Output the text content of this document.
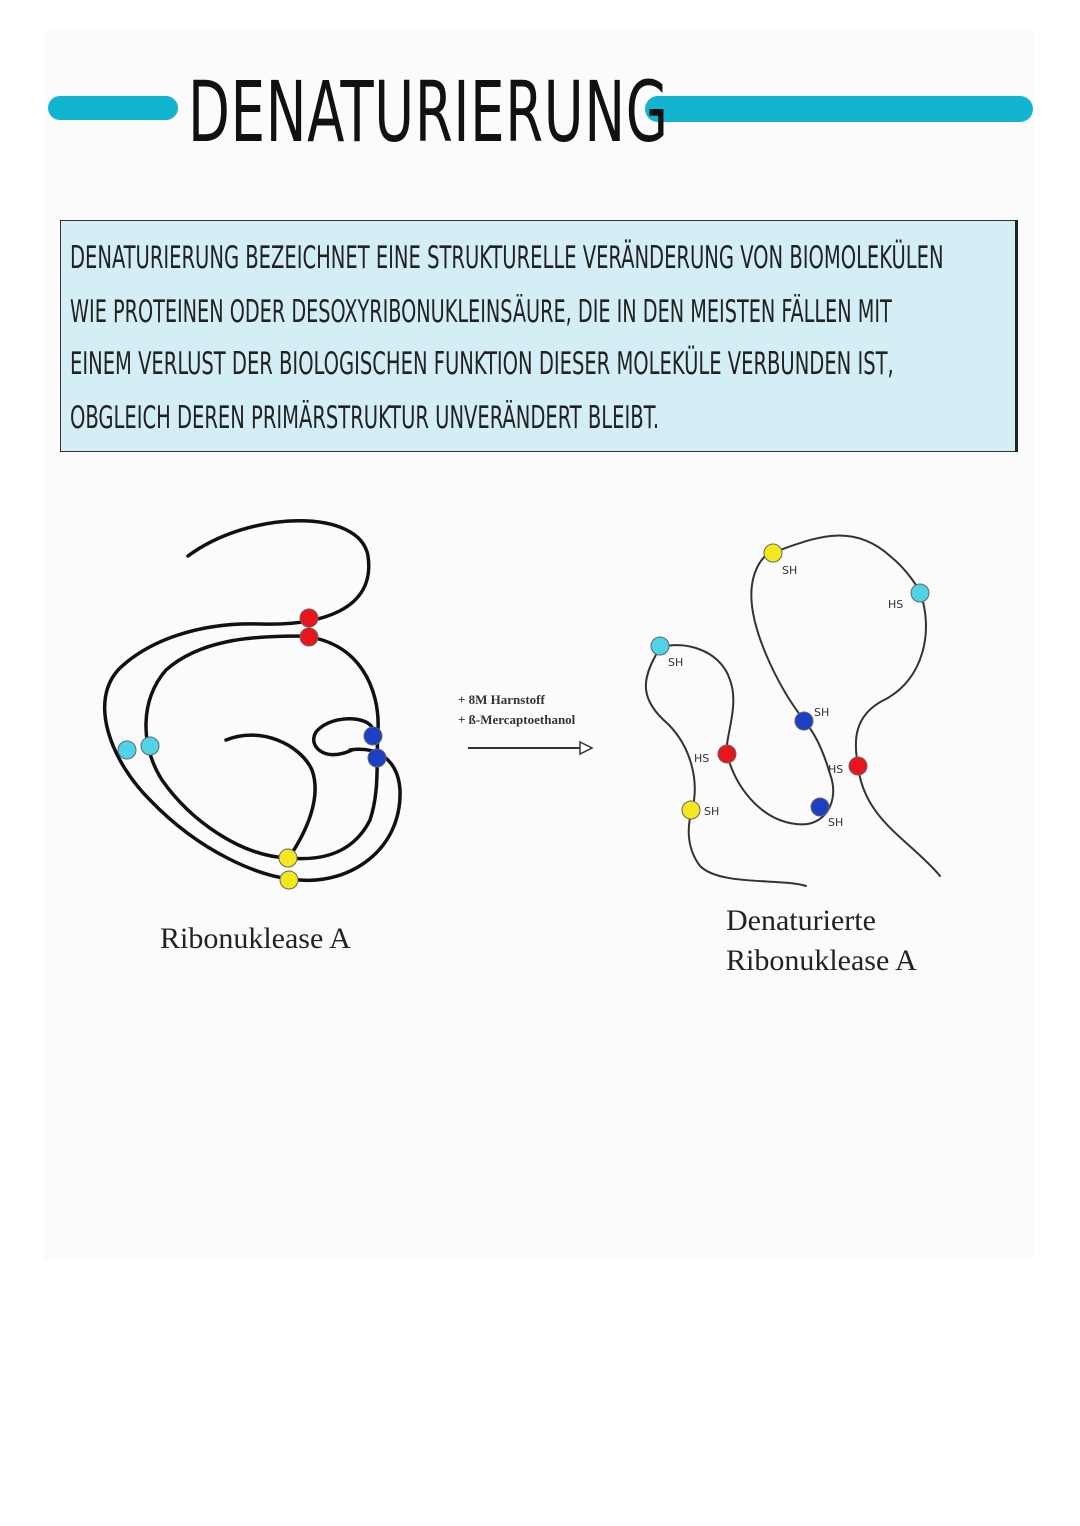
DENATURIERUNG
DENATURIERUNG BEZEICHNET EINE STRUKTURELLE VERÄNDERUNG VON BIOMOLEKÜLEN
WIE PROTEINEN ODER DESOXYRIBONUKLEINSÄURE, DIE IN DEN MEISTEN FÄLLEN MIT
EINEM VERLUST DER BIOLOGISCHEN FUNKTION DIESER MOLEKÜLE VERBUNDEN IST,
OBGLEICH DEREN PRIMÄRSTRUKTUR UNVERÄNDERT BLEIBT.
+ 8M Harnstoff
+ ß-Mercaptoethanol
SH
SH
HS
SH
HS
HS
SH
SH
Ribonuklease A
Denaturierte
Ribonuklease A
